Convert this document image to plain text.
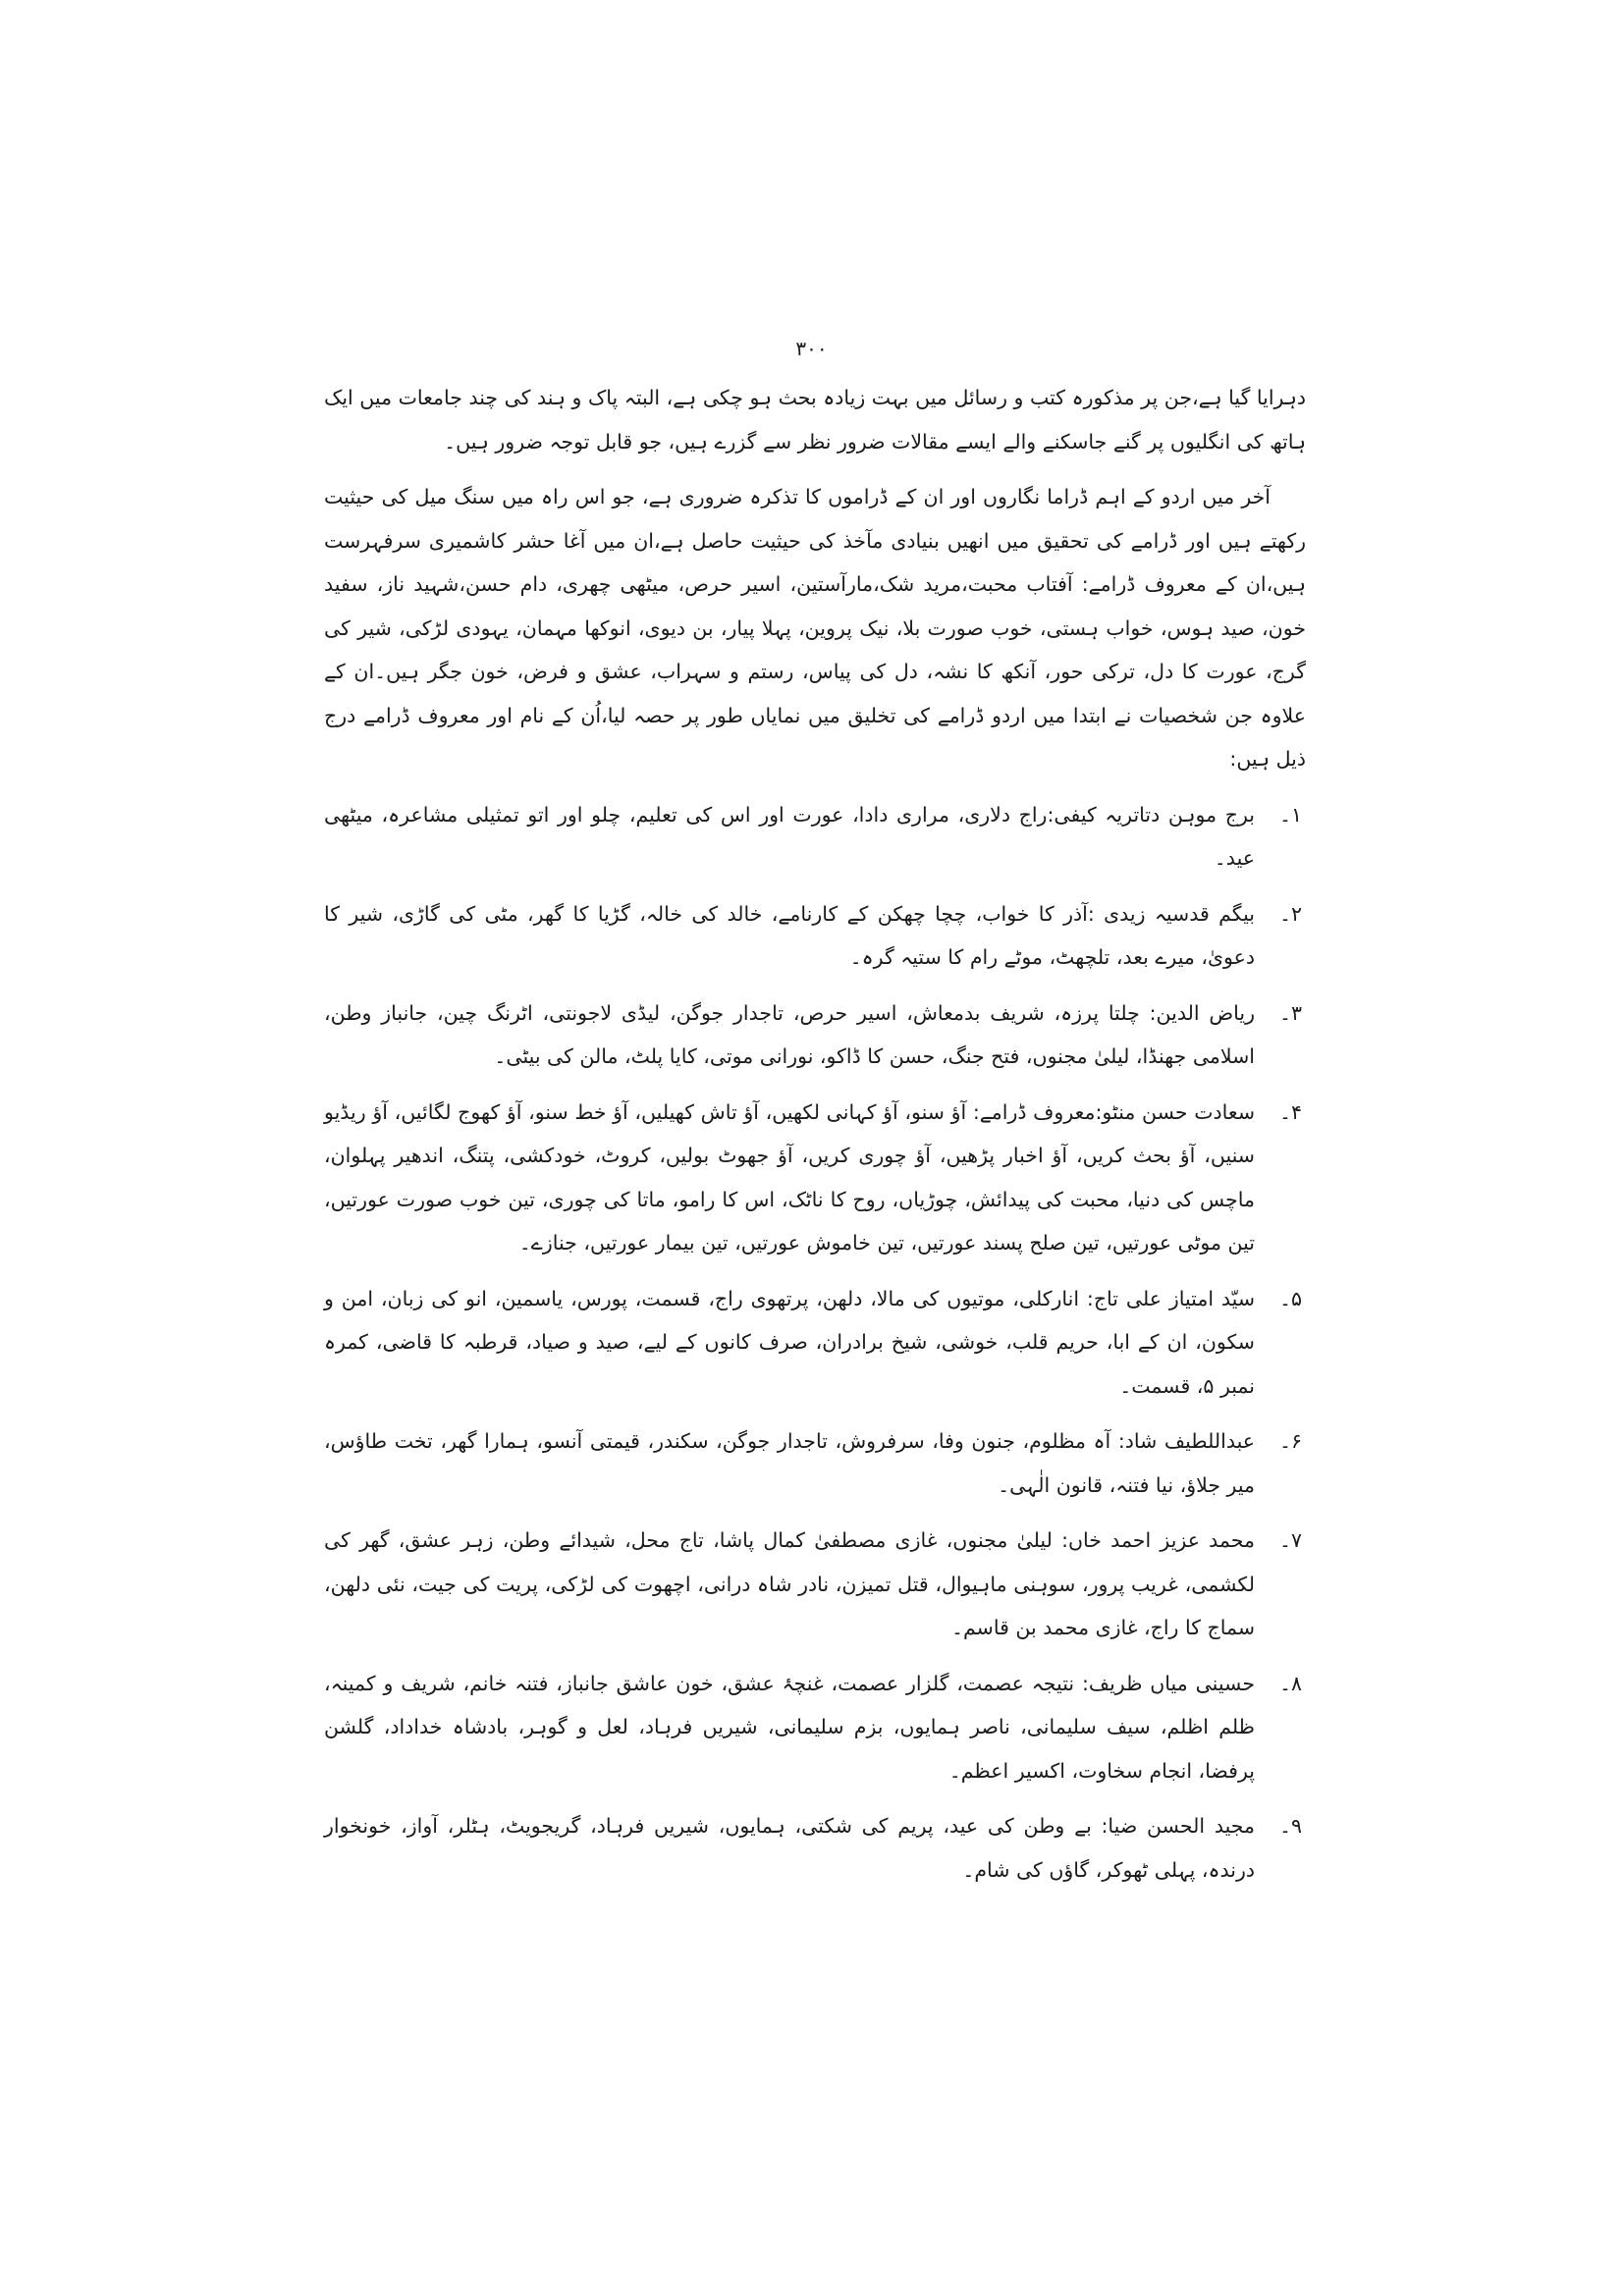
۳۰۰

دہرایا گیا ہے،جن پر مذکورہ کتب و رسائل میں بہت زیادہ بحث ہو چکی ہے، البتہ پاک و ہند کی چند جامعات میں ایک ہاتھ کی انگلیوں پر گنے جاسکنے والے ایسے مقالات ضرور نظر سے گزرے ہیں، جو قابل توجہ ضرور ہیں۔

آخر میں اردو کے اہم ڈراما نگاروں اور ان کے ڈراموں کا تذکرہ ضروری ہے، جو اس راہ میں سنگ میل کی حیثیت رکھتے ہیں اور ڈرامے کی تحقیق میں انھیں بنیادی مآخذ کی حیثیت حاصل ہے،ان میں آغا حشر کاشمیری سرفہرست ہیں،ان کے معروف ڈرامے: آفتاب محبت،مرید شک،مارآستین، اسیر حرص، میٹھی چھری، دام حسن،شہید ناز، سفید خون، صید ہوس، خواب ہستی، خوب صورت بلا، نیک پروین، پہلا پیار، بن دیوی، انوکھا مہمان، یہودی لڑکی، شیر کی گرج، عورت کا دل، ترکی حور، آنکھ کا نشہ، دل کی پیاس، رستم و سہراب، عشق و فرض، خون جگر ہیں۔ان کے علاوہ جن شخصیات نے ابتدا میں اردو ڈرامے کی تخلیق میں نمایاں طور پر حصہ لیا،اُن کے نام اور معروف ڈرامے درج ذیل ہیں:

۱۔
برج موہن دتاتریہ کیفی:راج دلاری، مراری دادا، عورت اور اس کی تعلیم، چلو اور اتو تمثیلی مشاعرہ، میٹھی عید۔
۲۔
بیگم قدسیہ زیدی :آذر کا خواب، چچا چھکن کے کارنامے، خالد کی خالہ، گڑیا کا گھر، مٹی کی گاڑی، شیر کا دعویٰ، میرے بعد، تلچھٹ، موٹے رام کا ستیہ گرہ۔
۳۔
ریاض الدین: چلتا پرزہ، شریف بدمعاش، اسیر حرص، تاجدار جوگن، لیڈی لاجونتی، اٹرنگ چین، جانباز وطن، اسلامی جھنڈا، لیلیٰ مجنوں، فتح جنگ، حسن کا ڈاکو، نورانی موتی، کایا پلٹ، مالن کی بیٹی۔
۴۔
سعادت حسن منٹو:معروف ڈرامے: آؤ سنو، آؤ کہانی لکھیں، آؤ تاش کھیلیں، آؤ خط سنو، آؤ کھوج لگائیں، آؤ ریڈیو سنیں، آؤ بحث کریں، آؤ اخبار پڑھیں، آؤ چوری کریں، آؤ جھوٹ بولیں، کروٹ، خودکشی، پتنگ، اندھیر پہلوان، ماچس کی دنیا، محبت کی پیدائش، چوڑیاں، روح کا ناٹک، اس کا رامو، ماتا کی چوری، تین خوب صورت عورتیں، تین موٹی عورتیں، تین صلح پسند عورتیں، تین خاموش عورتیں، تین بیمار عورتیں، جنازے۔
۵۔
سیّد امتیاز علی تاج: انارکلی، موتیوں کی مالا، دلھن، پرتھوی راج، قسمت، پورس، یاسمین، انو کی زبان، امن و سکون، ان کے ابا، حریم قلب، خوشی، شیخ برادران، صرف کانوں کے لیے، صید و صیاد، قرطبہ کا قاضی، کمرہ نمبر ۵، قسمت۔
۶۔
عبداللطیف شاد: آہ مظلوم، جنون وفا، سرفروش، تاجدار جوگن، سکندر، قیمتی آنسو، ہمارا گھر، تخت طاؤس، میر جلاؤ، نیا فتنہ، قانون الٰہی۔
۷۔
محمد عزیز احمد خاں: لیلیٰ مجنوں، غازی مصطفیٰ کمال پاشا، تاج محل، شیدائے وطن، زہر عشق، گھر کی لکشمی، غریب پرور، سوہنی ماہیوال، قتل تمیزن، نادر شاہ درانی، اچھوت کی لڑکی، پریت کی جیت، نئی دلھن، سماج کا راج، غازی محمد بن قاسم۔
۸۔
حسینی میاں ظریف: نتیجہ عصمت، گلزار عصمت، غنچۂ عشق، خون عاشق جانباز، فتنہ خانم، شریف و کمینہ، ظلم اظلم، سیف سلیمانی، ناصر ہمایوں، بزم سلیمانی، شیریں فرہاد، لعل و گوہر، بادشاہ خداداد، گلشن پرفضا، انجام سخاوت، اکسیر اعظم۔
۹۔
مجید الحسن ضیا: بے وطن کی عید، پریم کی شکتی، ہمایوں، شیریں فرہاد، گریجویٹ، ہٹلر، آواز، خونخوار درندہ، پہلی ٹھوکر، گاؤں کی شام۔
